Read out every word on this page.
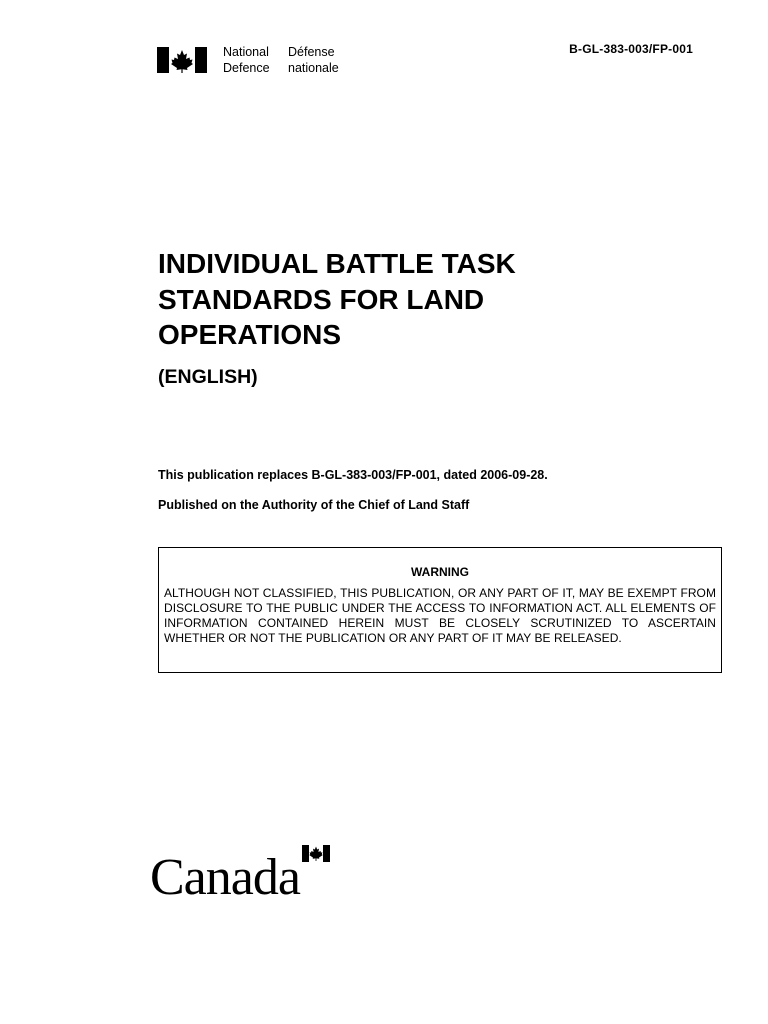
National	Défense
Defence	nationale
B-GL-383-003/FP-001
INDIVIDUAL BATTLE TASK
STANDARDS FOR LAND
OPERATIONS

(ENGLISH)

This publication replaces B-GL-383-003/FP-001, dated 2006-09-28.

Published on the Authority of the Chief of Land Staff

WARNING

ALTHOUGH NOT CLASSIFIED, THIS PUBLICATION, OR ANY PART OF IT, MAY BE EXEMPT FROM DISCLOSURE TO THE PUBLIC UNDER THE ACCESS TO INFORMATION ACT. ALL ELEMENTS OF INFORMATION CONTAINED HEREIN MUST BE CLOSELY SCRUTINIZED TO ASCERTAIN WHETHER OR NOT THE PUBLICATION OR ANY PART OF IT MAY BE RELEASED.

Canada
